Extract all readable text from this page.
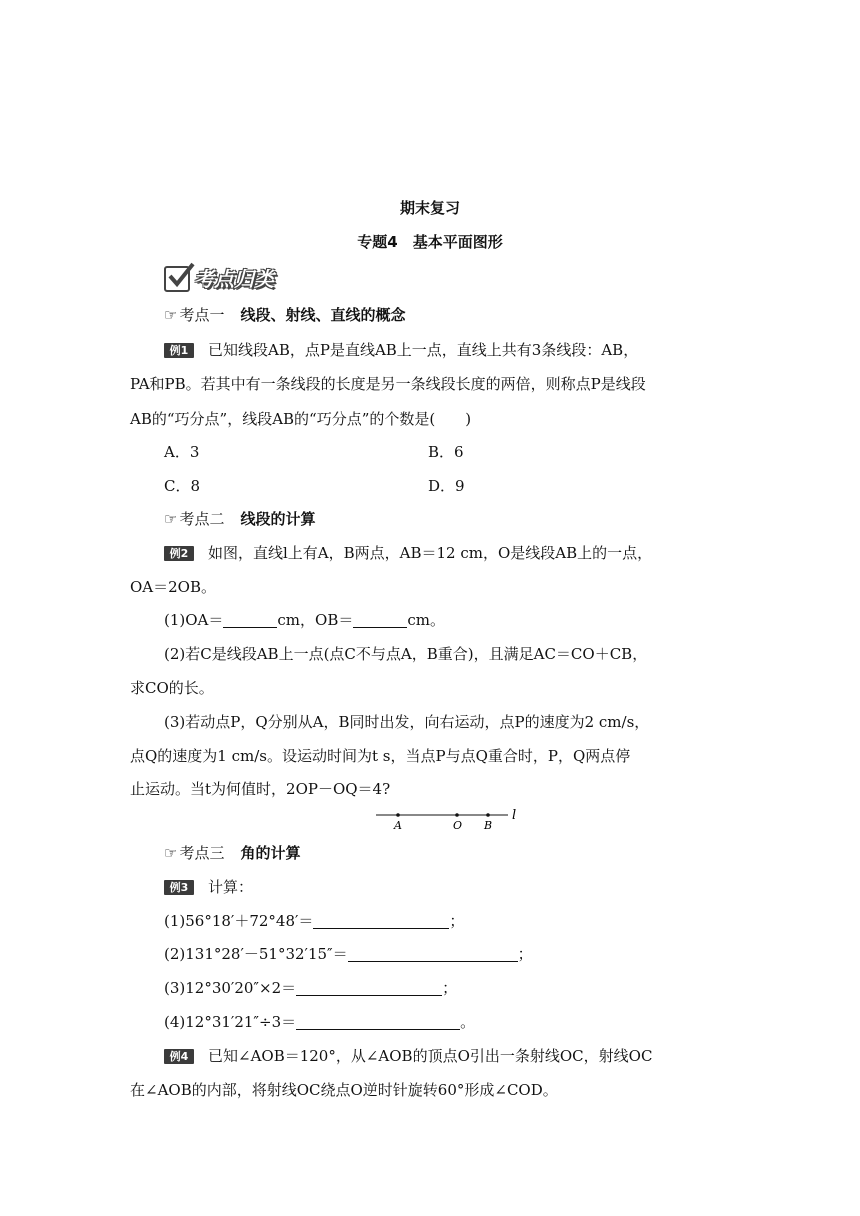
期末复习
专题4　基本平面图形
考点归类
☞ 考点一 线段、射线、直线的概念
例1 已知线段AB，点P是直线AB上一点，直线上共有3条线段：AB，
PA和PB。若其中有一条线段的长度是另一条线段长度的两倍，则称点P是线段
AB的“巧分点”，线段AB的“巧分点”的个数是(　　)
A．3	B．6
C．8	D．9
☞ 考点二 线段的计算
例2 如图，直线l上有A，B两点，AB＝12 cm，O是线段AB上的一点，
OA＝2OB。
(1)OA＝	cm，OB＝	cm。
(2)若C是线段AB上一点(点C不与点A，B重合)，且满足AC＝CO＋CB，
求CO的长。
(3)若动点P，Q分别从A，B同时出发，向右运动，点P的速度为2 cm/s，
点Q的速度为1 cm/s。设运动时间为t s，当点P与点Q重合时，P，Q两点停
止运动。当t为何值时，2OP－OQ＝4?
A	O B
l
☞ 考点三 角的计算
例3 计算：
(1)56°18′＋72°48′＝	；
(2)131°28′－51°32′15″＝	；
(3)12°30′20″×2＝	；
(4)12°31′21″÷3＝	。
例4 已知∠AOB＝120°，从∠AOB的顶点O引出一条射线OC，射线OC
在∠AOB的内部，将射线OC绕点O逆时针旋转60°形成∠COD。
